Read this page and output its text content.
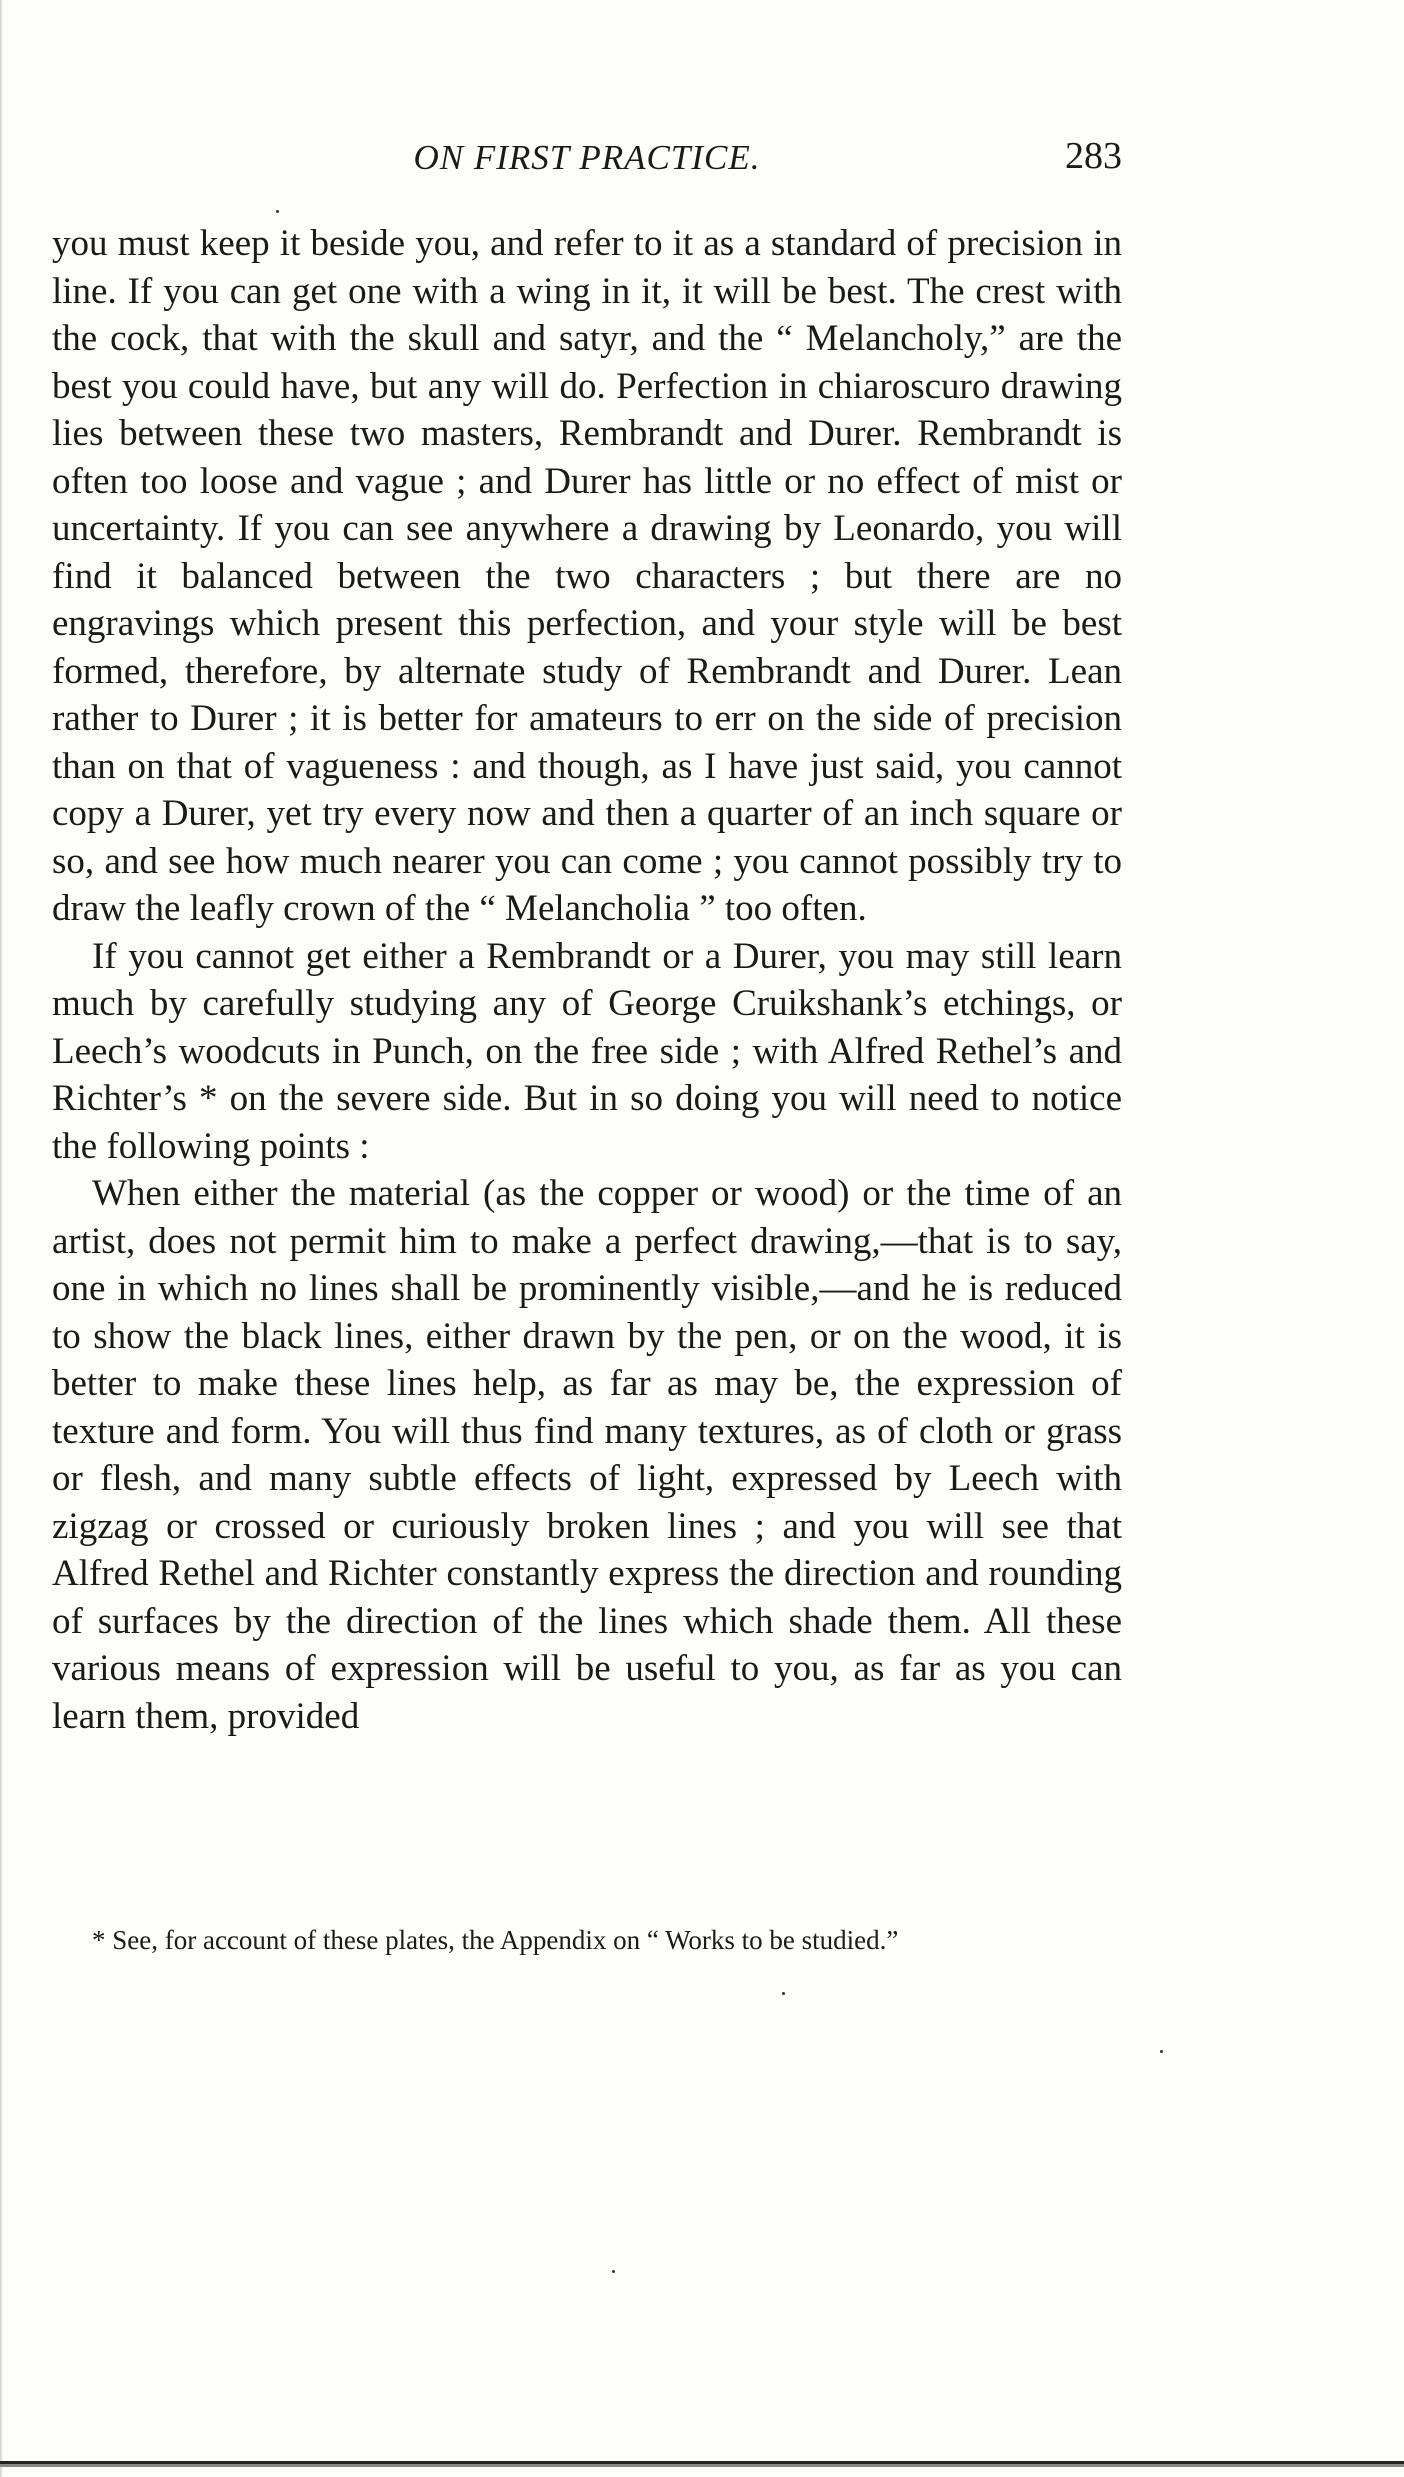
ON FIRST PRACTICE.	283

you must keep it beside you, and refer to it as a standard of precision in line. If you can get one with a wing in it, it will be best. The crest with the cock, that with the skull and satyr, and the “ Melancholy,” are the best you could have, but any will do. Perfection in chiaroscuro drawing lies between these two masters, Rembrandt and Durer. Rembrandt is often too loose and vague ; and Durer has little or no effect of mist or uncertainty. If you can see anywhere a drawing by Leonardo, you will find it balanced between the two characters ; but there are no engravings which present this perfection, and your style will be best formed, therefore, by alternate study of Rembrandt and Durer. Lean rather to Durer ; it is better for amateurs to err on the side of precision than on that of vagueness : and though, as I have just said, you cannot copy a Durer, yet try every now and then a quarter of an inch square or so, and see how much nearer you can come ; you cannot possibly try to draw the leafly crown of the “ Melancholia ” too often.

If you cannot get either a Rembrandt or a Durer, you may still learn much by carefully studying any of George Cruikshank’s etchings, or Leech’s woodcuts in Punch, on the free side ; with Alfred Rethel’s and Richter’s * on the severe side. But in so doing you will need to notice the following points :

When either the material (as the copper or wood) or the time of an artist, does not permit him to make a perfect drawing,—that is to say, one in which no lines shall be prominently visible,—and he is reduced to show the black lines, either drawn by the pen, or on the wood, it is better to make these lines help, as far as may be, the expression of texture and form. You will thus find many textures, as of cloth or grass or flesh, and many subtle effects of light, expressed by Leech with zigzag or crossed or curiously broken lines ; and you will see that Alfred Rethel and Richter constantly express the direction and rounding of surfaces by the direction of the lines which shade them. All these various means of expression will be useful to you, as far as you can learn them, provided

* See, for account of these plates, the Appendix on “ Works to be studied.”
